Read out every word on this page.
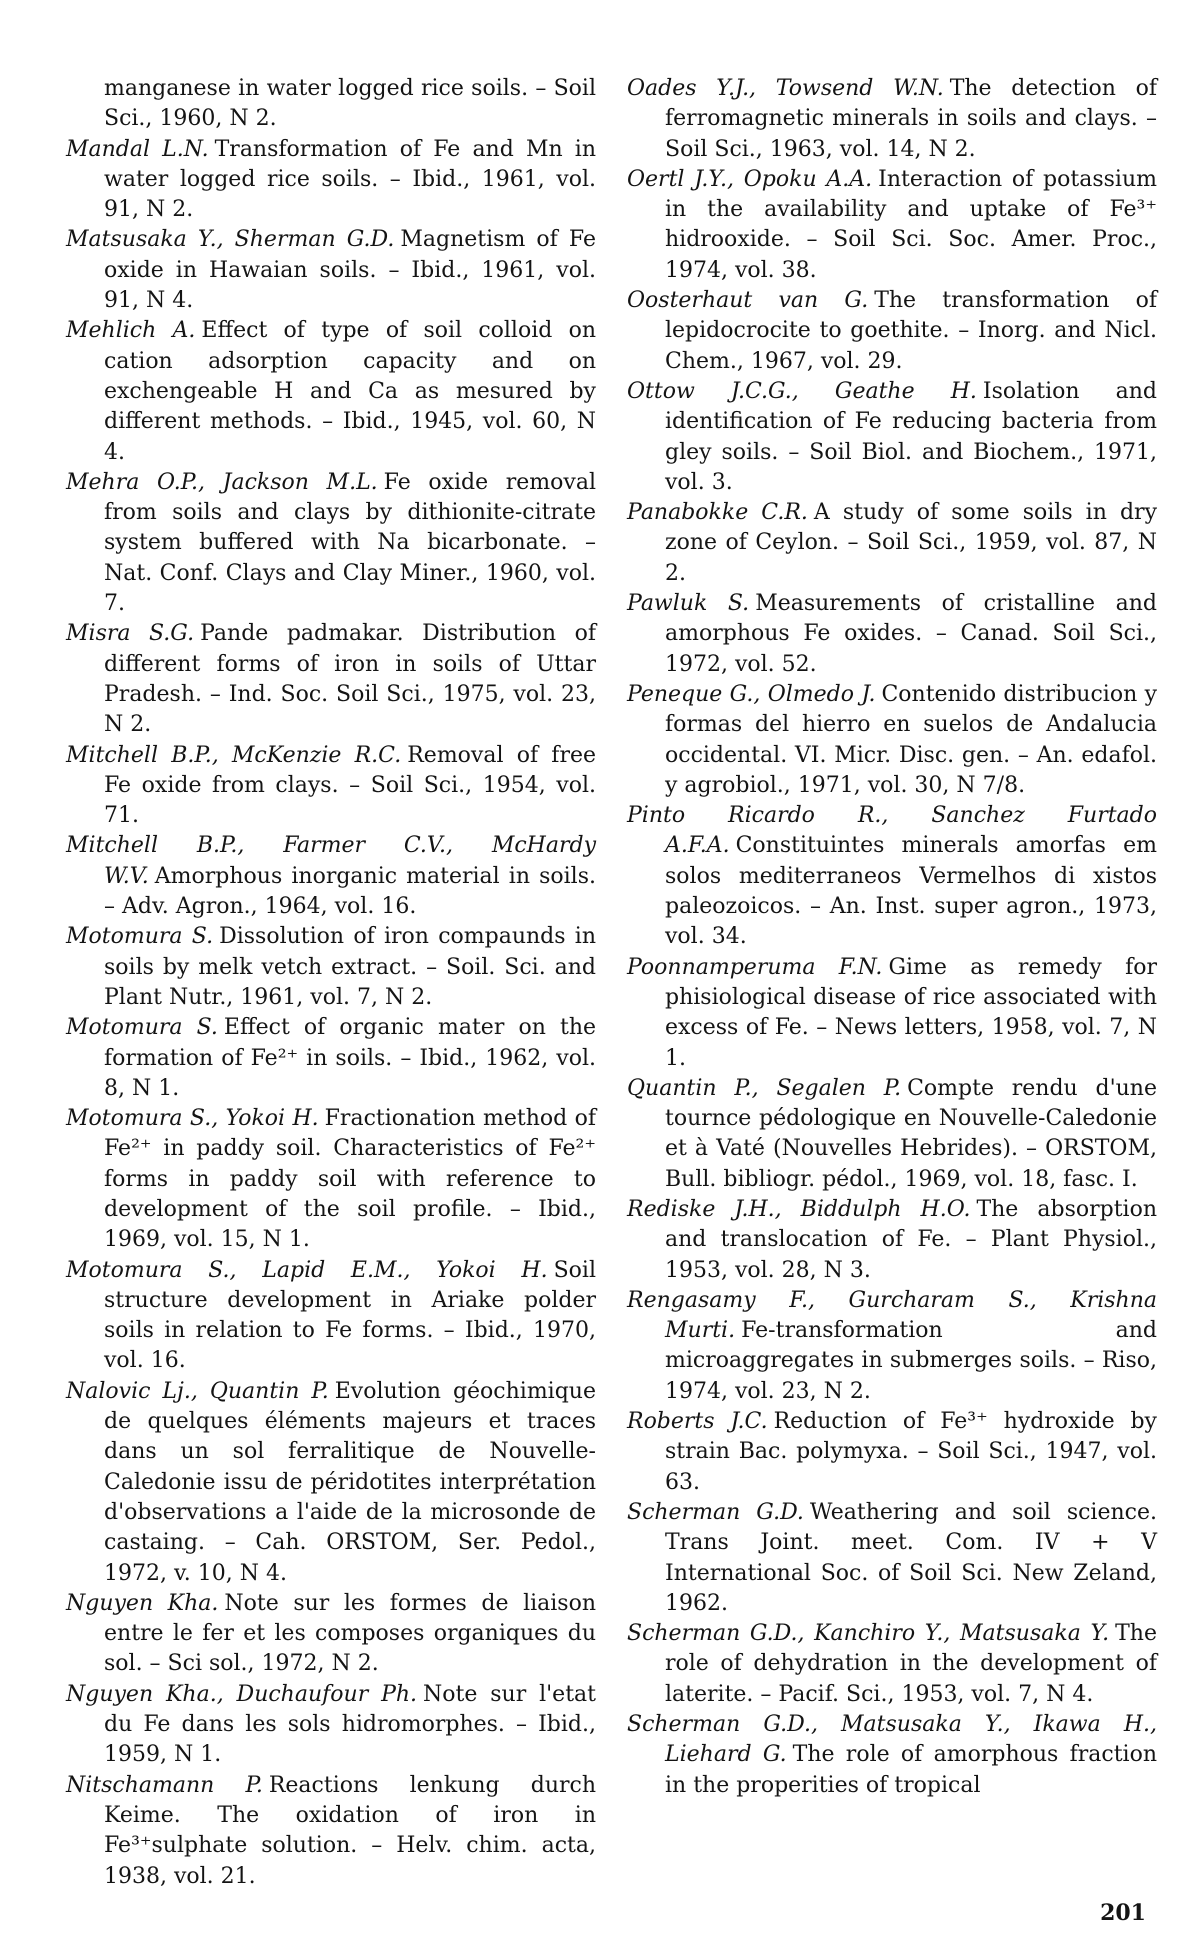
manganese in water logged rice soils. – Soil Sci., 1960, N 2.

Mandal L.N. Transformation of Fe and Mn in water logged rice soils. – Ibid., 1961, vol. 91, N 2.

Matsusaka Y., Sherman G.D. Magnetism of Fe oxide in Hawaian soils. – Ibid., 1961, vol. 91, N 4.

Mehlich A. Effect of type of soil colloid on cation adsorption capacity and on exchengeable H and Ca as mesured by different methods. – Ibid., 1945, vol. 60, N 4.

Mehra O.P., Jackson M.L. Fe oxide removal from soils and clays by dithionite-citrate system buffered with Na bicarbonate. – Nat. Conf. Clays and Clay Miner., 1960, vol. 7.

Misra S.G. Pande padmakar. Distribution of different forms of iron in soils of Uttar Pradesh. – Ind. Soc. Soil Sci., 1975, vol. 23, N 2.

Mitchell B.P., McKenzie R.C. Removal of free Fe oxide from clays. – Soil Sci., 1954, vol. 71.

Mitchell B.P., Farmer C.V., McHardy W.V. Amorphous inorganic material in soils. – Adv. Agron., 1964, vol. 16.

Motomura S. Dissolution of iron compaunds in soils by melk vetch extract. – Soil. Sci. and Plant Nutr., 1961, vol. 7, N 2.

Motomura S. Effect of organic mater on the formation of Fe²⁺ in soils. – Ibid., 1962, vol. 8, N 1.

Motomura S., Yokoi H. Fractionation method of Fe²⁺ in paddy soil. Characteristics of Fe²⁺ forms in paddy soil with reference to development of the soil profile. – Ibid., 1969, vol. 15, N 1.

Motomura S., Lapid E.M., Yokoi H. Soil structure development in Ariake polder soils in relation to Fe forms. – Ibid., 1970, vol. 16.

Nalovic Lj., Quantin P. Evolution géochimique de quelques éléments majeurs et traces dans un sol ferralitique de Nouvelle-Caledonie issu de péridotites interprétation d'observations a l'aide de la microsonde de castaing. – Cah. ORSTOM, Ser. Pedol., 1972, v. 10, N 4.

Nguyen Kha. Note sur les formes de liaison entre le fer et les composes organiques du sol. – Sci sol., 1972, N 2.

Nguyen Kha., Duchaufour Ph. Note sur l'etat du Fe dans les sols hidromorphes. – Ibid., 1959, N 1.

Nitschamann P. Reactions lenkung durch Keime. The oxidation of iron in Fe³⁺sulphate solution. – Helv. chim. acta, 1938, vol. 21.

Oades Y.J., Towsend W.N. The detection of ferromagnetic minerals in soils and clays. – Soil Sci., 1963, vol. 14, N 2.

Oertl J.Y., Opoku A.A. Interaction of potassium in the availability and uptake of Fe³⁺ hidrooxide. – Soil Sci. Soc. Amer. Proc., 1974, vol. 38.

Oosterhaut van G. The transformation of lepidocrocite to goethite. – Inorg. and Nicl. Chem., 1967, vol. 29.

Ottow J.C.G., Geathe H. Isolation and identification of Fe reducing bacteria from gley soils. – Soil Biol. and Biochem., 1971, vol. 3.

Panabokke C.R. A study of some soils in dry zone of Ceylon. – Soil Sci., 1959, vol. 87, N 2.

Pawluk S. Measurements of cristalline and amorphous Fe oxides. – Canad. Soil Sci., 1972, vol. 52.

Peneque G., Olmedo J. Contenido distribucion y formas del hierro en suelos de Andalucia occidental. VI. Micr. Disc. gen. – An. edafol. y agrobiol., 1971, vol. 30, N 7/8.

Pinto Ricardo R., Sanchez Furtado A.F.A. Constituintes minerals amorfas em solos mediterraneos Vermelhos di xistos paleozoicos. – An. Inst. super agron., 1973, vol. 34.

Poonnamperuma F.N. Gime as remedy for phisiological disease of rice associated with excess of Fe. – News letters, 1958, vol. 7, N 1.

Quantin P., Segalen P. Compte rendu d'une tournce pédologique en Nouvelle-Caledonie et à Vaté (Nouvelles Hebrides). – ORSTOM, Bull. bibliogr. pédol., 1969, vol. 18, fasc. I.

Rediske J.H., Biddulph H.O. The absorption and translocation of Fe. – Plant Physiol., 1953, vol. 28, N 3.

Rengasamy F., Gurcharam S., Krishna Murti. Fe-transformation and microaggregates in submerges soils. – Riso, 1974, vol. 23, N 2.

Roberts J.C. Reduction of Fe³⁺ hydroxide by strain Bac. polymyxa. – Soil Sci., 1947, vol. 63.

Scherman G.D. Weathering and soil science. Trans Joint. meet. Com. IV + V International Soc. of Soil Sci. New Zeland, 1962.

Scherman G.D., Kanchiro Y., Matsusaka Y. The role of dehydration in the development of laterite. – Pacif. Sci., 1953, vol. 7, N 4.

Scherman G.D., Matsusaka Y., Ikawa H., Liehard G. The role of amorphous fraction in the properities of tropical

201
